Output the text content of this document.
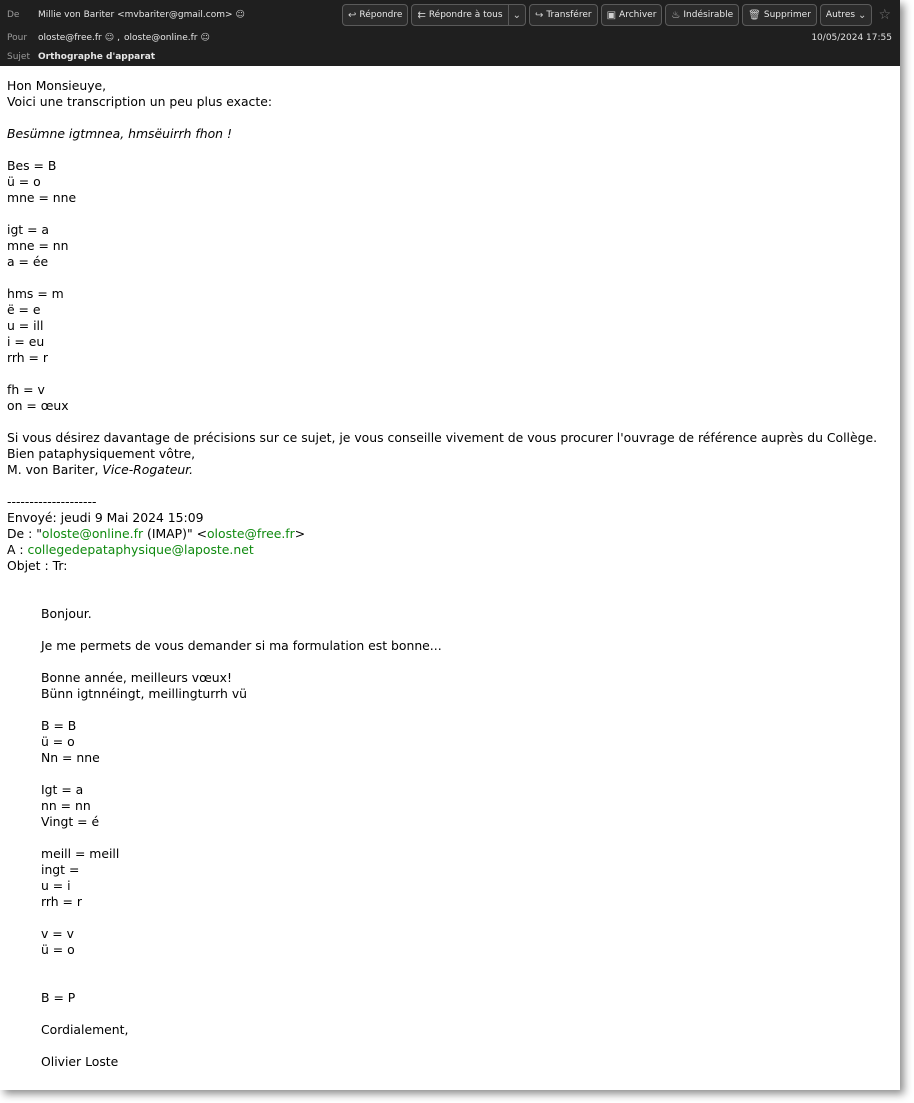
De	Millie von Bariter <mvbariter@gmail.com> ☺	↩ Répondre ⇇ Répondre à tous ⌄ ↪ Transférer ▣ Archiver ♨ Indésirable 🗑 Supprimer Autres ⌄ ☆
Pour	oloste@free.fr ☺ , oloste@online.fr ☺	10/05/2024 17:55
Sujet Orthographe d'apparat
Hon Monsieuye,
Voici une transcription un peu plus exacte:
Besümne igtmnea, hmsëuirrh fhon !
Bes = B
ü = o
mne = nne
igt = a
mne = nn
a = ée
hms = m
ë = e
u = ill
i = eu
rrh = r
fh = v
on = œux
Si vous désirez davantage de précisions sur ce sujet, je vous conseille vivement de vous procurer l'ouvrage de référence auprès du Collège.
Bien pataphysiquement vôtre,
M. von Bariter, Vice-Rogateur.
--------------------
Envoyé: jeudi 9 Mai 2024 15:09
De : "oloste@online.fr (IMAP)" <oloste@free.fr>
A : collegedepataphysique@laposte.net
Objet : Tr:
Bonjour.
Je me permets de vous demander si ma formulation est bonne...
Bonne année, meilleurs vœux!
Bünn igtnnéingt, meillingturrh vü
B = B
ü = o
Nn = nne
Igt = a
nn = nn
Vingt = é
meill = meill
ingt =
u = i
rrh = r
v = v
ü = o
B = P
Cordialement,
Olivier Loste
